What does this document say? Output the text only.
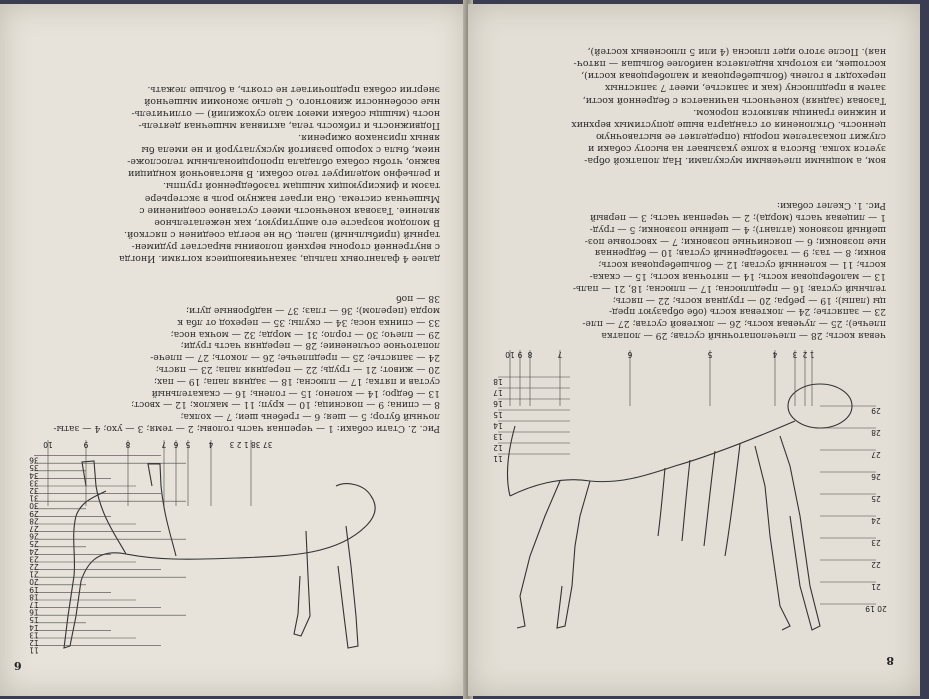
6
далее 4 фаланговых пальца, заканчивающиеся когтями. Иногда
с внутренней стороны верхней половины вырастает рудимен-
тарный (прибыльный) палец. Он не всегда соединен с пясткой.
В молодом возрасте его ампутируют, как нежелательное
явление. Тазовая конечность имеет суставное соединение с
Мышечная система. Она играет важную роль в экстерьере
тазом и фиксирующих мышцам тазобедренной группы.
и рельефно моделирует тело собаки. В выставочной кондиции
важно, чтобы собака обладала пропорциональным телосложе-
нием, была с хорошо развитой мускулатурой и не имела бы
явных признаков ожирения.
Подвижность и гибкость тела, активная мышечная деятель-
ность (мышцы собаки имеют мало сухожилий) — отличитель-
ные особенности животного. С целью экономии мышечной
энергии собака предпочитает не стоять, а больше лежать.
Рис. 2. Стати собаки: 1 — черепная часть головы; 2 — темя; 3 — ухо; 4 — заты-
лочный бугор; 5 — шея; 6 — гребень шеи; 7 — холка;
8 — спина; 9 — поясница; 10 — круп; 11 — маклок; 12 — хвост;
13 — бедро; 14 — колено; 15 — голень; 16 — скакательный
сустав и пятка; 17 — плюсна; 18 — задняя лапа; 19 — пах;
20 — живот; 21 — грудь; 22 — передняя лапа; 23 — пясть;
24 — запястье; 25 — предплечье; 26 — локоть; 27 — плече-
лопаточное сочленение; 28 — передняя часть груди;
29 — плечо; 30 — горло; 31 — морда; 32 — мочка носа;
33 — спинка носа; 34 — скулы; 35 — переход от лба к
морда (перелом); 36 — глаз; 37 — надбровные дуги;
38 — поб
10	9	8	7 6 5 4 37 38 1 2 3
36
35
34
33
32
31
30
29
28
27
26
25
24
23
22
21
20
19
18
17
16
15
14
13
12
11
8
вом, а мощными плечевыми мускулами. Над лопаткой обра-
зуется холка. Высота в холке указывает на высоту собаки и
служит показателем породы (определяет ее выставочную
ценность. Отклонения от стандарта выше допустимых верхних
и нижние границы являются пороком.
Тазовая (задняя) конечность начинается с бедренной кости,
затем в предплюсну (как и запястье, имеет 7 запястных
переходят в голень (большеберцовая и малоберцовая кости),
костошек, из которых выделяется наиболее большая — пяточ-
ная). После этого идет плюсна (4 или 5 плюсневых костей),
чевая кость; 28 — плечелопаточный сустав; 29 — лопатка
плечье); 25 — лучевая кость; 26 — локтевой сустав; 27 — пле-
23 — запястье; 24 — локтевая кость (обе образуют пред-
цы (лапы); 19 — ребра; 20 — грудная кость; 22 — пясть;
тельный сустав; 16 — предплюсна; 17 — плюсна; 18, 21 — паль-
13 — малоберцовая кость; 14 — пяточная кость; 15 — скака-
кость; 11 — коленный сустав; 12 — большеберцовая кость;
вонки; 8 — таз; 9 — тазобедренный сустав; 10 — бедренная
ные позвонки; 6 — поясничные позвонки; 7 — хвостовые поз-
шейный позвонок (атлант); 4 — шейные позвонки; 5 — груд-
1 — лицевая часть (морда); 2 — черепная часть; 3 — первый
Рис. 1. Скелет собаки:
18
17
16
15
14
13
12
11
10 9 8	7	6	5	4 3 2 1
20 19
21
22
23
24
25
26
27
28
29
